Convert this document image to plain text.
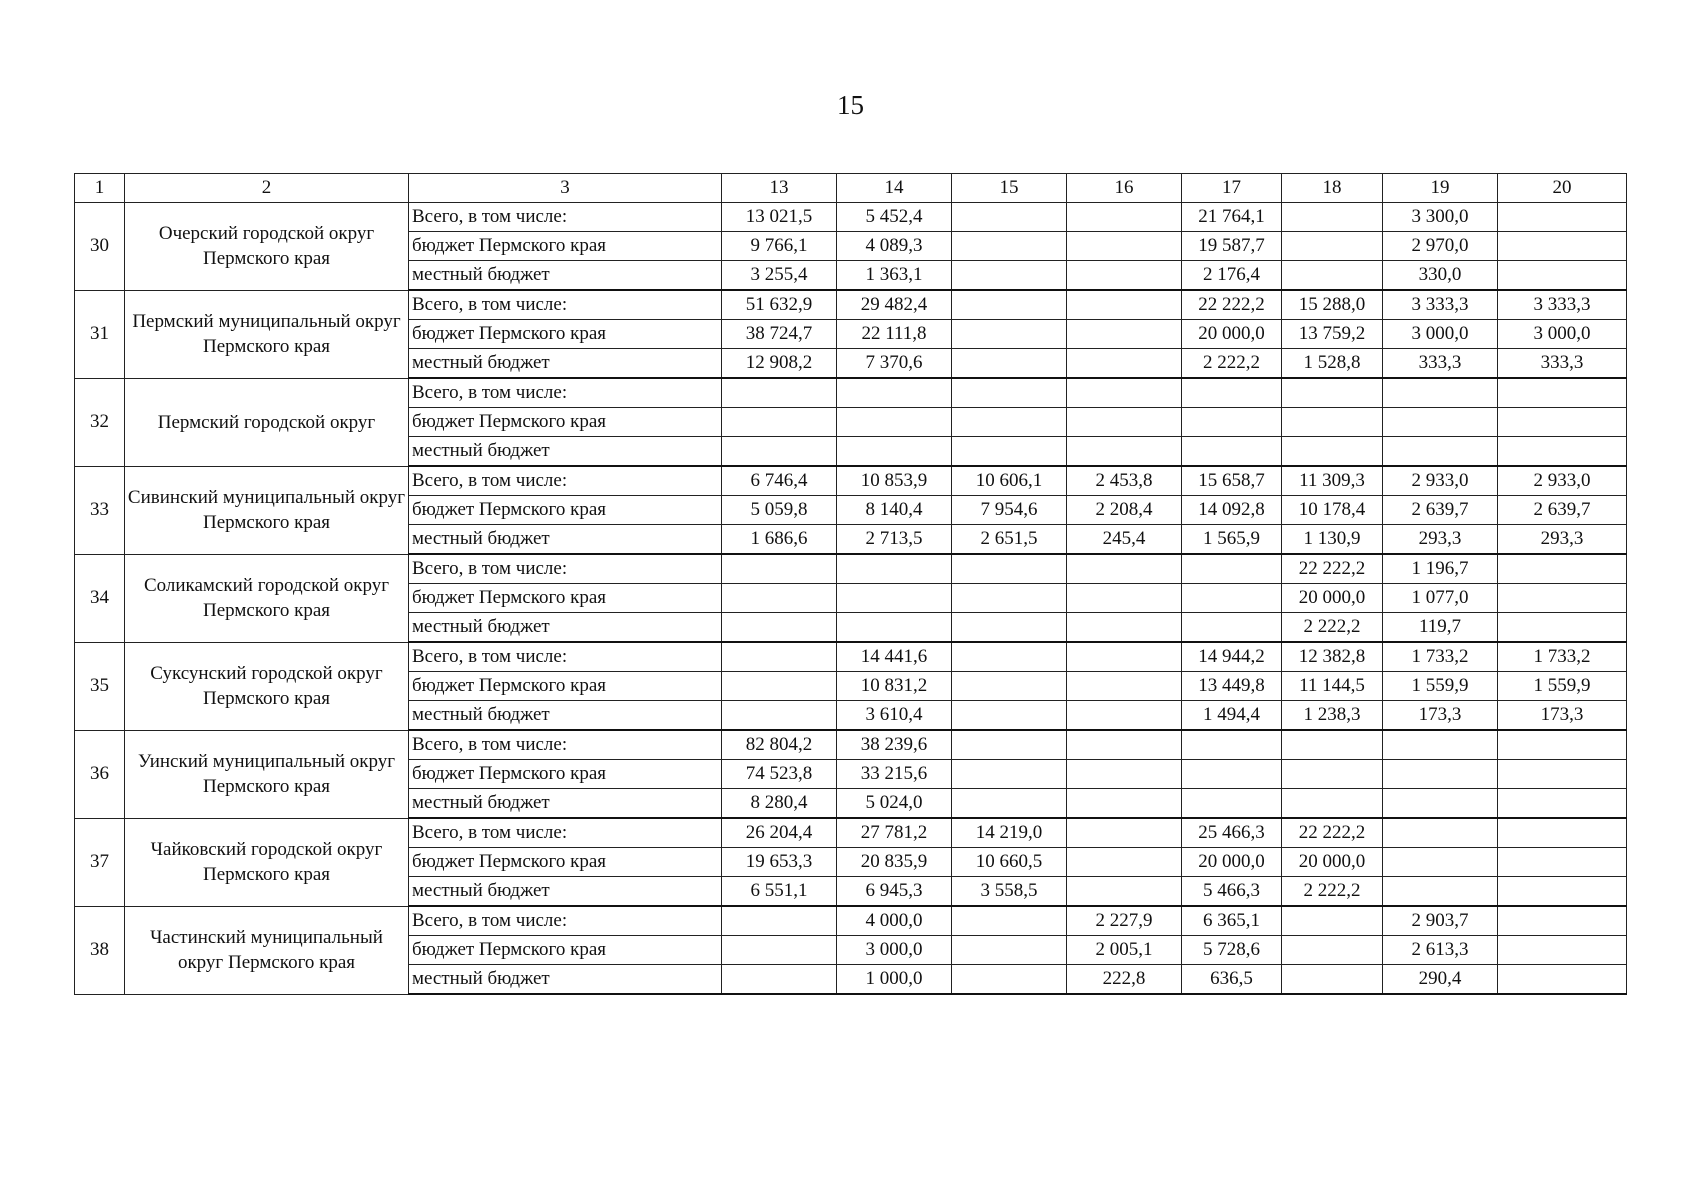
15
1	2	3	13	14	15	16	17	18	19	20
30	Очерский городской округ Пермского края	Всего, в том числе:	13 021,5	5 452,4			21 764,1		3 300,0	
		бюджет Пермского края	9 766,1	4 089,3			19 587,7		2 970,0	
		местный бюджет	3 255,4	1 363,1			2 176,4		330,0	
31	Пермский муниципальный округ Пермского края	Всего, в том числе:	51 632,9	29 482,4			22 222,2	15 288,0	3 333,3	3 333,3
		бюджет Пермского края	38 724,7	22 111,8			20 000,0	13 759,2	3 000,0	3 000,0
		местный бюджет	12 908,2	7 370,6			2 222,2	1 528,8	333,3	333,3
32	Пермский городской округ	Всего, в том числе:								
		бюджет Пермского края								
		местный бюджет								
33	Сивинский муниципальный округ Пермского края	Всего, в том числе:	6 746,4	10 853,9	10 606,1	2 453,8	15 658,7	11 309,3	2 933,0	2 933,0
		бюджет Пермского края	5 059,8	8 140,4	7 954,6	2 208,4	14 092,8	10 178,4	2 639,7	2 639,7
		местный бюджет	1 686,6	2 713,5	2 651,5	245,4	1 565,9	1 130,9	293,3	293,3
34	Соликамский городской округ Пермского края	Всего, в том числе:						22 222,2	1 196,7	
		бюджет Пермского края						20 000,0	1 077,0	
		местный бюджет						2 222,2	119,7	
35	Суксунский городской округ Пермского края	Всего, в том числе:		14 441,6			14 944,2	12 382,8	1 733,2	1 733,2
		бюджет Пермского края		10 831,2			13 449,8	11 144,5	1 559,9	1 559,9
		местный бюджет		3 610,4			1 494,4	1 238,3	173,3	173,3
36	Уинский муниципальный округ Пермского края	Всего, в том числе:	82 804,2	38 239,6						
		бюджет Пермского края	74 523,8	33 215,6						
		местный бюджет	8 280,4	5 024,0						
37	Чайковский городской округ Пермского края	Всего, в том числе:	26 204,4	27 781,2	14 219,0		25 466,3	22 222,2		
		бюджет Пермского края	19 653,3	20 835,9	10 660,5		20 000,0	20 000,0		
		местный бюджет	6 551,1	6 945,3	3 558,5		5 466,3	2 222,2		
38	Частинский муниципальный округ Пермского края	Всего, в том числе:		4 000,0		2 227,9	6 365,1		2 903,7	
		бюджет Пермского края		3 000,0		2 005,1	5 728,6		2 613,3	
		местный бюджет		1 000,0		222,8	636,5		290,4	
